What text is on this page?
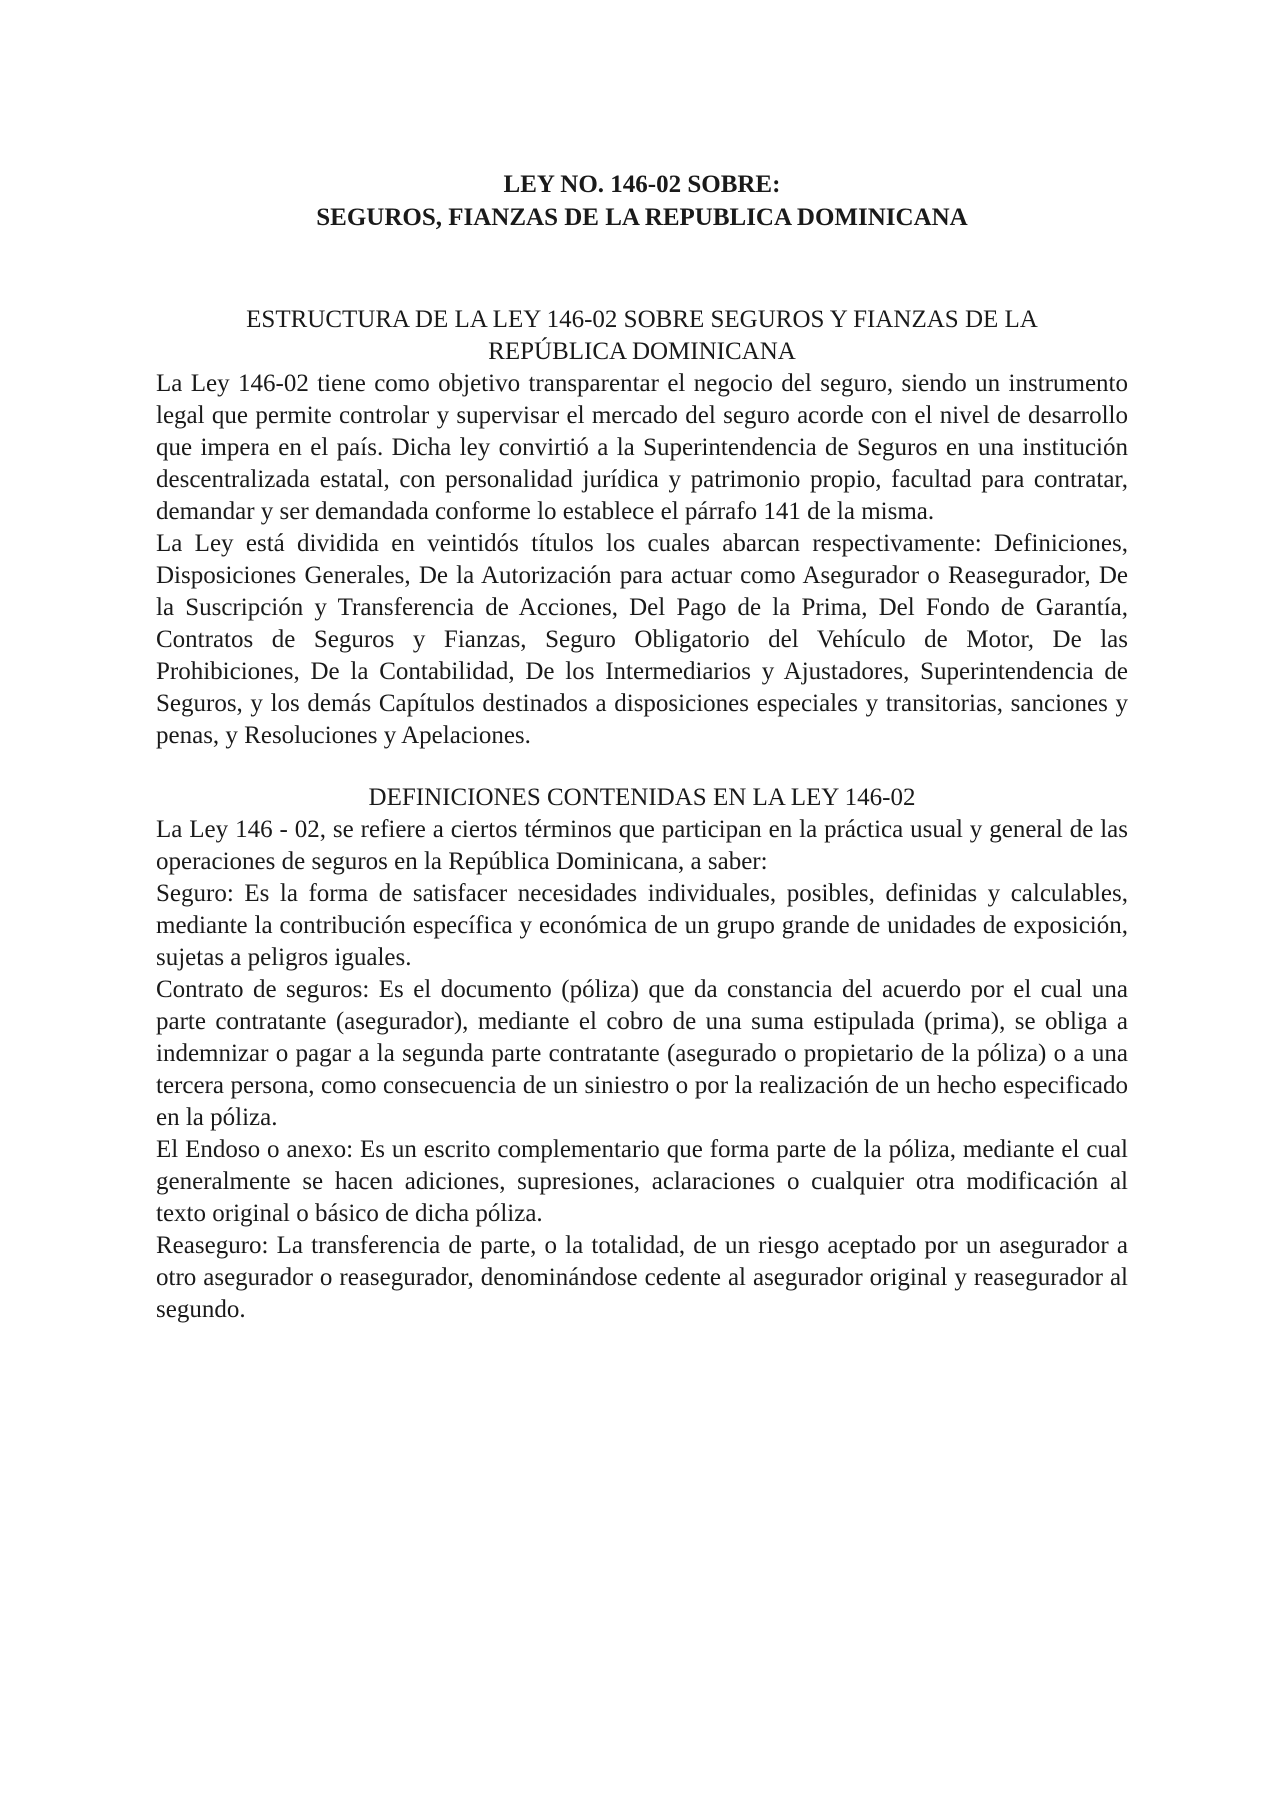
LEY NO. 146-02 SOBRE:
SEGUROS, FIANZAS DE LA REPUBLICA DOMINICANA
ESTRUCTURA DE LA LEY 146-02 SOBRE SEGUROS Y FIANZAS DE LA
REPÚBLICA DOMINICANA

La Ley 146-02 tiene como objetivo transparentar el negocio del seguro, siendo un instrumento legal que permite controlar y supervisar el mercado del seguro acorde con el nivel de desarrollo que impera en el país. Dicha ley convirtió a la Superintendencia de Seguros en una institución descentralizada estatal, con personalidad jurídica y patrimonio propio, facultad para contratar, demandar y ser demandada conforme lo establece el párrafo 141 de la misma.

La Ley está dividida en veintidós títulos los cuales abarcan respectivamente: Definiciones, Disposiciones Generales, De la Autorización para actuar como Asegurador o Reasegurador, De la Suscripción y Transferencia de Acciones, Del Pago de la Prima, Del Fondo de Garantía, Contratos de Seguros y Fianzas, Seguro Obligatorio del Vehículo de Motor, De las Prohibiciones, De la Contabilidad, De los Intermediarios y Ajustadores, Superintendencia de Seguros, y los demás Capítulos destinados a disposiciones especiales y transitorias, sanciones y penas, y Resoluciones y Apelaciones.

DEFINICIONES CONTENIDAS EN LA LEY 146-02

La Ley 146 - 02, se refiere a ciertos términos que participan en la práctica usual y general de las operaciones de seguros en la República Dominicana, a saber:

Seguro: Es la forma de satisfacer necesidades individuales, posibles, definidas y calculables, mediante la contribución específica y económica de un grupo grande de unidades de exposición, sujetas a peligros iguales.

Contrato de seguros: Es el documento (póliza) que da constancia del acuerdo por el cual una parte contratante (asegurador), mediante el cobro de una suma estipulada (prima), se obliga a indemnizar o pagar a la segunda parte contratante (asegurado o propietario de la póliza) o a una tercera persona, como consecuencia de un siniestro o por la realización de un hecho especificado en la póliza.

El Endoso o anexo: Es un escrito complementario que forma parte de la póliza, mediante el cual generalmente se hacen adiciones, supresiones, aclaraciones o cualquier otra modificación al texto original o básico de dicha póliza.

Reaseguro: La transferencia de parte, o la totalidad, de un riesgo aceptado por un asegurador a otro asegurador o reasegurador, denominándose cedente al asegurador original y reasegurador al segundo.
